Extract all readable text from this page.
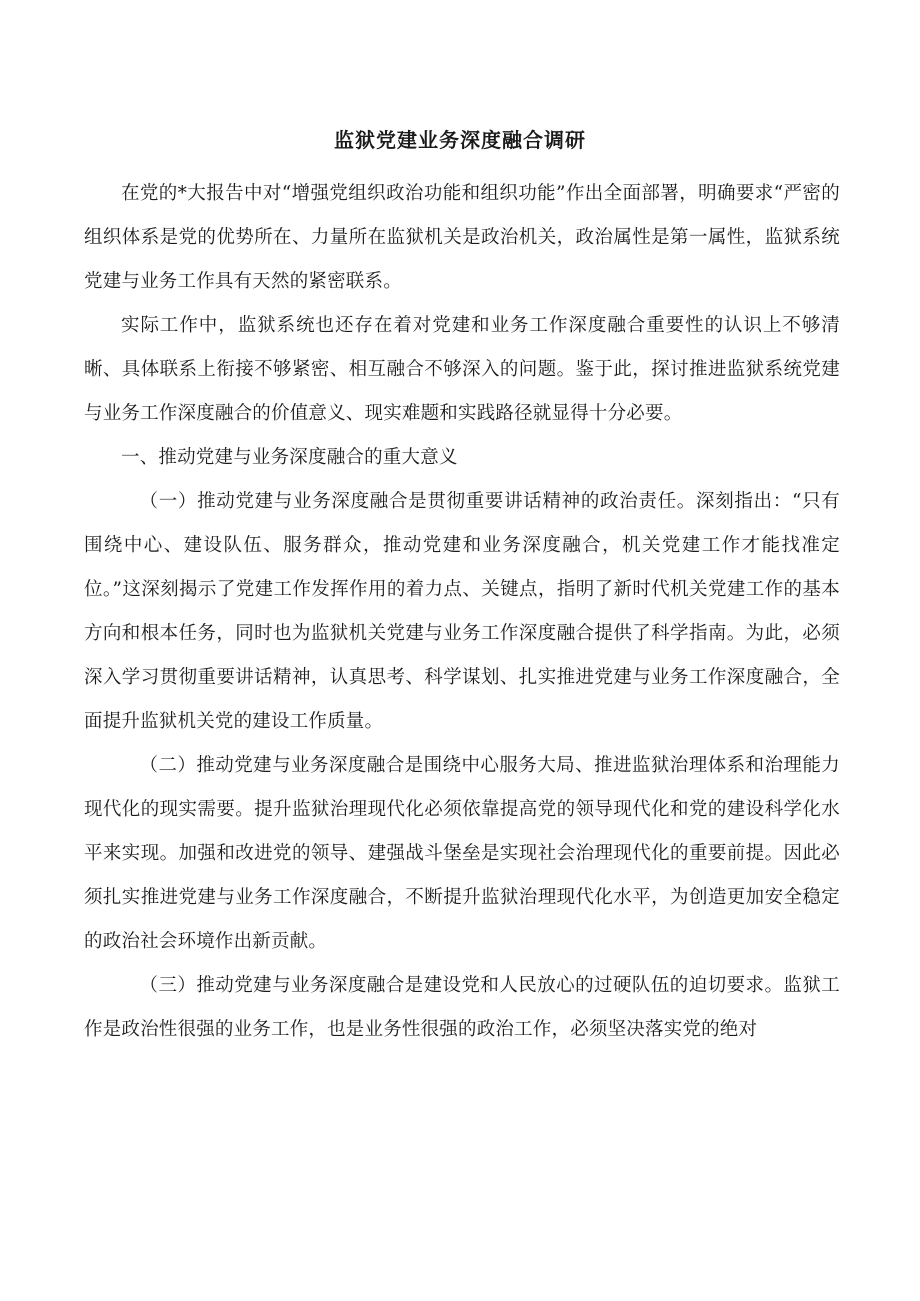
监狱党建业务深度融合调研

在党的*大报告中对“增强党组织政治功能和组织功能”作出全面部署，明确要求“严密的组织体系是党的优势所在、力量所在监狱机关是政治机关，政治属性是第一属性，监狱系统党建与业务工作具有天然的紧密联系。

实际工作中，监狱系统也还存在着对党建和业务工作深度融合重要性的认识上不够清晰、具体联系上衔接不够紧密、相互融合不够深入的问题。鉴于此，探讨推进监狱系统党建与业务工作深度融合的价值意义、现实难题和实践路径就显得十分必要。

一、推动党建与业务深度融合的重大意义

（一）推动党建与业务深度融合是贯彻重要讲话精神的政治责任。深刻指出：“只有围绕中心、建设队伍、服务群众，推动党建和业务深度融合，机关党建工作才能找准定位。”这深刻揭示了党建工作发挥作用的着力点、关键点，指明了新时代机关党建工作的基本方向和根本任务，同时也为监狱机关党建与业务工作深度融合提供了科学指南。为此，必须深入学习贯彻重要讲话精神，认真思考、科学谋划、扎实推进党建与业务工作深度融合，全面提升监狱机关党的建设工作质量。

（二）推动党建与业务深度融合是围绕中心服务大局、推进监狱治理体系和治理能力现代化的现实需要。提升监狱治理现代化必须依靠提高党的领导现代化和党的建设科学化水平来实现。加强和改进党的领导、建强战斗堡垒是实现社会治理现代化的重要前提。因此必须扎实推进党建与业务工作深度融合，不断提升监狱治理现代化水平，为创造更加安全稳定的政治社会环境作出新贡献。

（三）推动党建与业务深度融合是建设党和人民放心的过硬队伍的迫切要求。监狱工作是政治性很强的业务工作，也是业务性很强的政治工作，必须坚决落实党的绝对
